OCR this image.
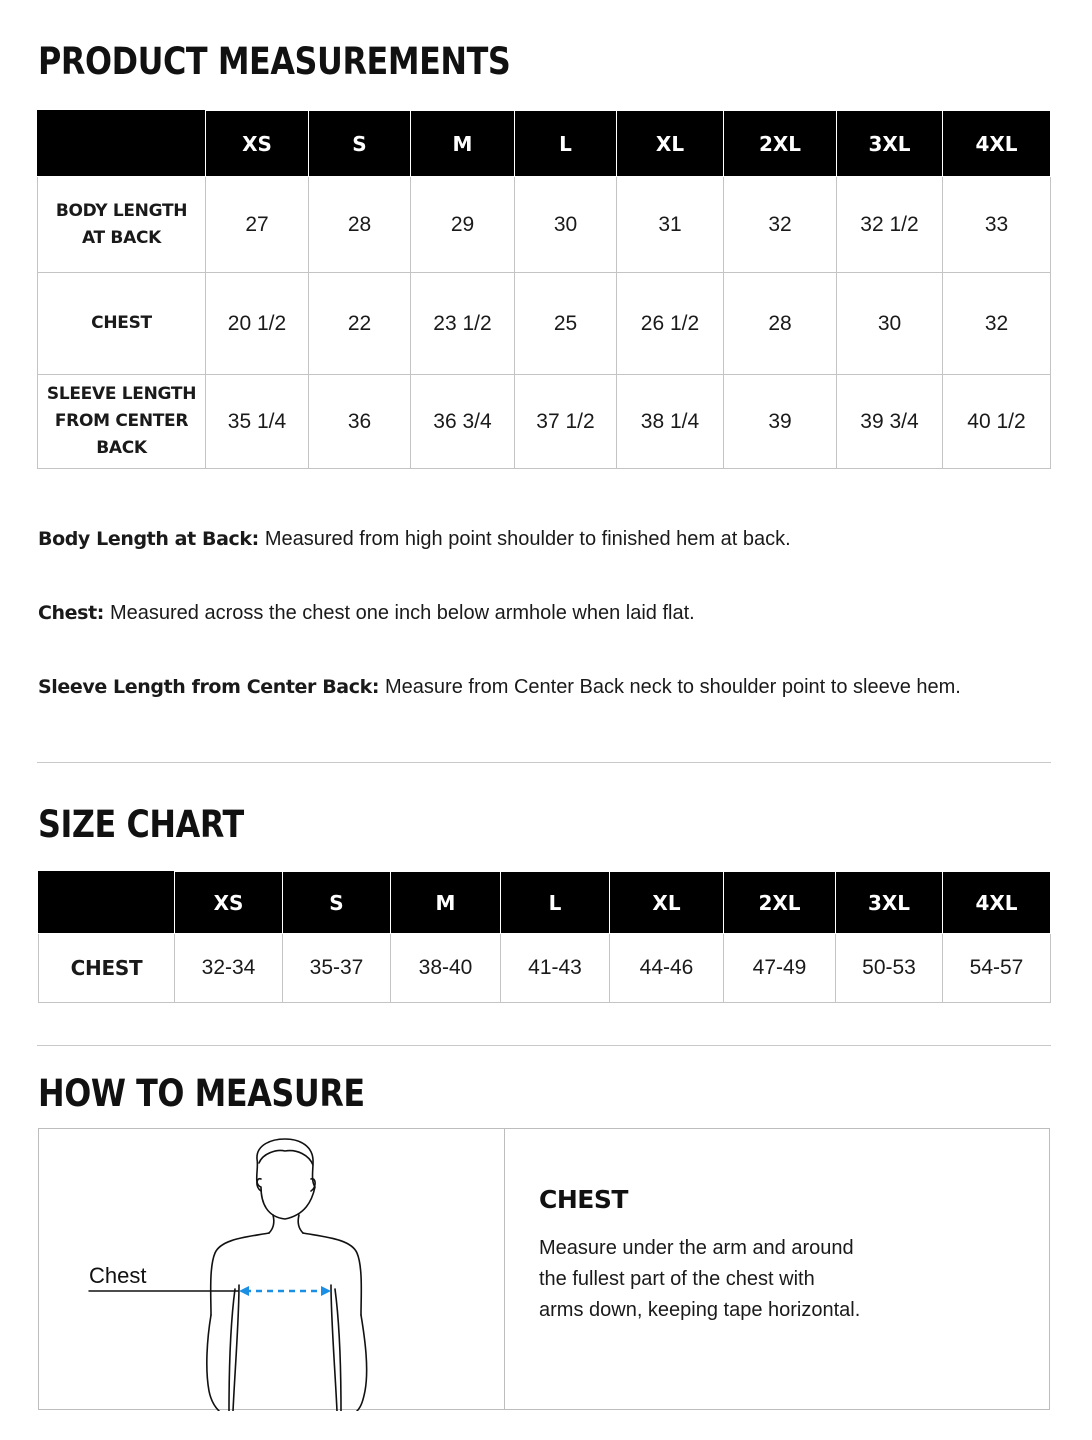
PRODUCT MEASUREMENTS
	XS	S	M	L	XL	2XL	3XL	4XL

BODY LENGTH
AT BACK	27	28	29	30	31	32	32 1/2	33

CHEST	20 1/2	22	23 1/2	25	26 1/2	28	30	32

SLEEVE LENGTH
FROM CENTER BACK	35 1/4	36	36 3/4	37 1/2	38 1/4	39	39 3/4	40 1/2

Body Length at Back: Measured from high point shoulder to finished hem at back.

Chest: Measured across the chest one inch below armhole when laid flat.

Sleeve Length from Center Back: Measure from Center Back neck to shoulder point to sleeve hem.

SIZE CHART
	XS	S	M	L	XL	2XL	3XL	4XL
CHEST	32-34	35-37	38-40	41-43	44-46	47-49	50-53	54-57
HOW TO MEASURE
Chest
CHEST

Measure under the arm and around
the fullest part of the chest with
arms down, keeping tape horizontal.
